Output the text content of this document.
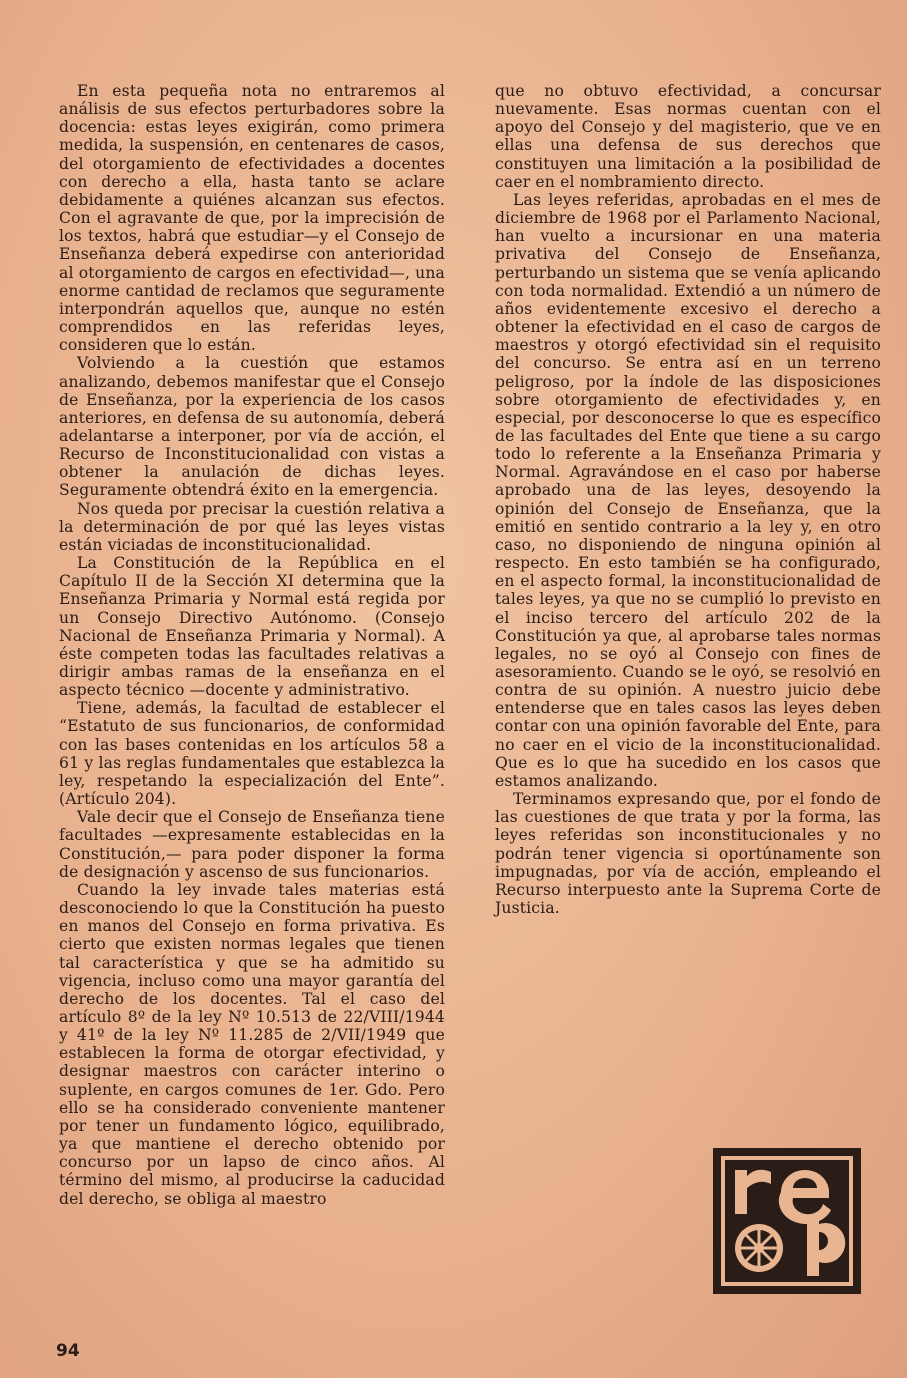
En esta pequeña nota no entraremos al análisis de sus efectos perturbadores sobre la docencia: estas leyes exigirán, como primera medida, la suspensión, en centenares de casos, del otorgamiento de efectividades a docentes con derecho a ella, hasta tanto se aclare debidamente a quiénes alcanzan sus efectos. Con el agravante de que, por la imprecisión de los textos, habrá que estudiar—y el Consejo de Enseñanza deberá expedirse con anterioridad al otorgamiento de cargos en efectividad—, una enorme cantidad de reclamos que seguramente interpondrán aquellos que, aunque no estén comprendidos en las referidas leyes, consideren que lo están.

Volviendo a la cuestión que estamos analizando, debemos manifestar que el Consejo de Enseñanza, por la experiencia de los casos anteriores, en defensa de su autonomía, deberá adelantarse a interponer, por vía de acción, el Recurso de Inconstitucionalidad con vistas a obtener la anulación de dichas leyes. Seguramente obtendrá éxito en la emergencia.

Nos queda por precisar la cuestión relativa a la determinación de por qué las leyes vistas están viciadas de inconstitucionalidad.

La Constitución de la República en el Capítulo II de la Sección XI determina que la Enseñanza Primaria y Normal está regida por un Consejo Directivo Autónomo. (Consejo Nacional de Enseñanza Primaria y Normal). A éste competen todas las facultades relativas a dirigir ambas ramas de la enseñanza en el aspecto técnico —docente y administrativo.

Tiene, además, la facultad de establecer el “Estatuto de sus funcionarios, de conformidad con las bases contenidas en los artículos 58 a 61 y las reglas fundamentales que establezca la ley, respetando la especialización del Ente”. (Artículo 204).

Vale decir que el Consejo de Enseñanza tiene facultades —expresamente establecidas en la Constitución,— para poder disponer la forma de designación y ascenso de sus funcionarios.

Cuando la ley invade tales materias está desconociendo lo que la Constitución ha puesto en manos del Consejo en forma privativa. Es cierto que existen normas legales que tienen tal característica y que se ha admitido su vigencia, incluso como una mayor garantía del derecho de los docentes. Tal el caso del artículo 8º de la ley Nº 10.513 de 22/VIII/1944 y 41º de la ley Nº 11.285 de 2/VII/1949 que establecen la forma de otorgar efectividad, y designar maestros con carácter interino o suplente, en cargos comunes de 1er. Gdo. Pero ello se ha considerado conveniente mantener por tener un fundamento lógico, equilibrado, ya que mantiene el derecho obtenido por concurso por un lapso de cinco años. Al término del mismo, al producirse la caducidad del derecho, se obliga al maestro

que no obtuvo efectividad, a concursar nuevamente. Esas normas cuentan con el apoyo del Consejo y del magisterio, que ve en ellas una defensa de sus derechos que constituyen una limitación a la posibilidad de caer en el nombramiento directo.

Las leyes referidas, aprobadas en el mes de diciembre de 1968 por el Parlamento Nacional, han vuelto a incursionar en una materia privativa del Consejo de Enseñanza, perturbando un sistema que se venía aplicando con toda normalidad. Extendió a un número de años evidentemente excesivo el derecho a obtener la efectividad en el caso de cargos de maestros y otorgó efectividad sin el requisito del concurso. Se entra así en un terreno peligroso, por la índole de las disposiciones sobre otorgamiento de efectividades y, en especial, por desconocerse lo que es específico de las facultades del Ente que tiene a su cargo todo lo referente a la Enseñanza Primaria y Normal. Agravándose en el caso por haberse aprobado una de las leyes, desoyendo la opinión del Consejo de Enseñanza, que la emitió en sentido contrario a la ley y, en otro caso, no disponiendo de ninguna opinión al respecto. En esto también se ha configurado, en el aspecto formal, la inconstitucionalidad de tales leyes, ya que no se cumplió lo previsto en el inciso tercero del artículo 202 de la Constitución ya que, al aprobarse tales normas legales, no se oyó al Consejo con fines de asesoramiento. Cuando se le oyó, se resolvió en contra de su opinión. A nuestro juicio debe entenderse que en tales casos las leyes deben contar con una opinión favorable del Ente, para no caer en el vicio de la inconstitucionalidad. Que es lo que ha sucedido en los casos que estamos analizando.

Terminamos expresando que, por el fondo de las cuestiones de que trata y por la forma, las leyes referidas son inconstitucionales y no podrán tener vigencia si oportúnamente son impugnadas, por vía de acción, empleando el Recurso interpuesto ante la Suprema Corte de Justicia.

94
